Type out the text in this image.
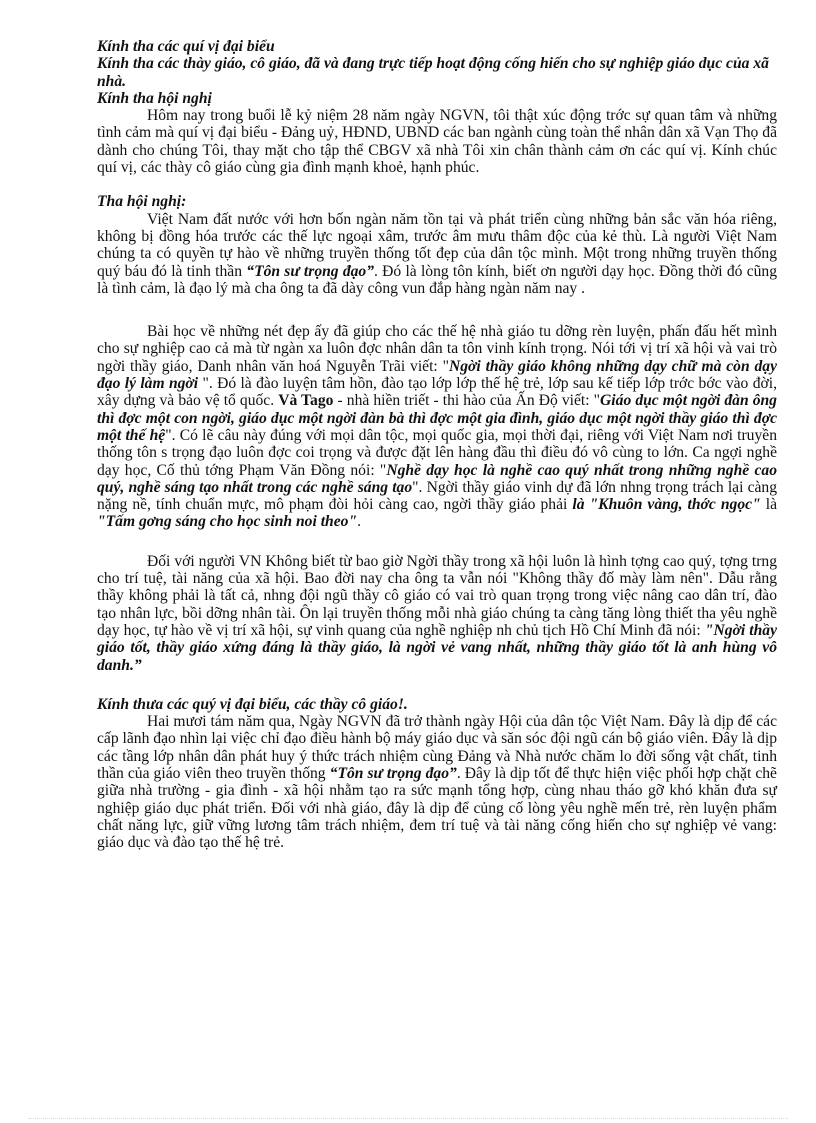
Kính tha các quí vị đại biểu

Kính tha các thày giáo, cô giáo, đã và đang trực tiếp hoạt động cống hiến cho sự nghiệp giáo dục của xã nhà.

Kính tha hội nghị

Hôm nay trong buổi lễ kỷ niệm 28 năm ngày NGVN, tôi thật xúc động trớc sự quan tâm và những tình cảm mà quí vị đại biểu - Đảng uỷ, HĐND, UBND các ban ngành cùng toàn thể nhân dân xã Vạn Thọ đã dành cho chúng Tôi, thay mặt cho tập thể CBGV xã nhà Tôi xin chân thành cảm ơn các quí vị. Kính chúc quí vị, các thày cô giáo cùng gia đình mạnh khoẻ, hạnh phúc.

Tha hội nghị:

Việt Nam đất nước với hơn bốn ngàn năm tồn tại và phát triển cùng những bản sắc văn hóa riêng, không bị đồng hóa trước các thế lực ngoại xâm, trước âm mưu thâm độc của kẻ thù. Là người Việt Nam chúng ta có quyền tự hào về những truyền thống tốt đẹp của dân tộc mình. Một trong những truyền thống quý báu đó là tinh thần “Tôn sư trọng đạo”. Đó là lòng tôn kính, biết ơn người dạy học. Đồng thời đó cũng là tình cảm, là đạo lý mà cha ông ta đã dày công vun đắp hàng ngàn năm nay .

Bài học về những nét đẹp ấy đã giúp cho các thế hệ nhà giáo tu dỡng rèn luyện, phấn đấu hết mình cho sự nghiệp cao cả mà từ ngàn xa luôn đợc nhân dân ta tôn vinh kính trọng. Nói tới vị trí xã hội và vai trò ngời thầy giáo, Danh nhân văn hoá Nguyễn Trãi viết: "Ngời thầy giáo không những dạy chữ mà còn dạy đạo lý làm ngời ". Đó là đào luyện tâm hồn, đào tạo lớp lớp thế hệ trẻ, lớp sau kế tiếp lớp trớc bớc vào đời, xây dựng và bảo vệ tổ quốc. Và Tago - nhà hiền triết - thi hào của Ấn Độ viết: "Giáo dục một ngời đàn ông thì đợc một con ngời, giáo dục một ngời đàn bà thì đợc một gia đình, giáo dục một ngời thầy giáo thì đợc một thế hệ". Có lẽ câu này đúng với mọi dân tộc, mọi quốc gia, mọi thời đại, riêng với Việt Nam nơi truyền thống tôn s trọng đạo luôn đợc coi trọng và được đặt lên hàng đầu thì điều đó vô cùng to lớn. Ca ngợi nghề dạy học, Cố thủ tớng Phạm Văn Đồng nói: "Nghề dạy học là nghề cao quý nhất trong những nghề cao quý, nghề sáng tạo nhất trong các nghề sáng tạo". Ngời thầy giáo vinh dự đã lớn nhng trọng trách lại càng nặng nề, tính chuẩn mực, mô phạm đòi hỏi càng cao, ngời thầy giáo phải là "Khuôn vàng, thớc ngọc" là "Tấm gơng sáng cho học sinh noi theo".

Đối với người VN Không biết từ bao giờ Ngời thầy trong xã hội luôn là hình tợng cao quý, tợng trng cho trí tuệ, tài năng của xã hội. Bao đời nay cha ông ta vẫn nói "Không thầy đố mày làm nên". Dẫu rằng thầy không phải là tất cả, nhng đội ngũ thầy cô giáo có vai trò quan trọng trong việc nâng cao dân trí, đào tạo nhân lực, bồi dỡng nhân tài. Ôn lại truyền thống mỗi nhà giáo chúng ta càng tăng lòng thiết tha yêu nghề dạy học, tự hào về vị trí xã hội, sự vinh quang của nghề nghiệp nh chủ tịch Hồ Chí Minh đã nói: "Ngời thầy giáo tốt, thầy giáo xứng đáng là thầy giáo, là ngời vẻ vang nhất, những thầy giáo tốt là anh hùng vô danh.”

Kính thưa các quý vị đại biểu, các thầy cô giáo!.

Hai mươi tám năm qua, Ngày NGVN đã trở thành ngày Hội của dân tộc Việt Nam. Đây là dịp để các cấp lãnh đạo nhìn lại việc chỉ đạo điều hành bộ máy giáo dục và săn sóc đội ngũ cán bộ giáo viên. Đây là dịp các tầng lớp nhân dân phát huy ý thức trách nhiệm cùng Đảng và Nhà nước chăm lo đời sống vật chất, tinh thần của giáo viên theo truyền thống “Tôn sư trọng đạo”. Đây là dịp tốt để thực hiện việc phối hợp chặt chẽ giữa nhà trường - gia đình - xã hội nhằm tạo ra sức mạnh tổng hợp, cùng nhau tháo gỡ khó khăn đưa sự nghiệp giáo dục phát triển. Đối với nhà giáo, đây là dịp để củng cố lòng yêu nghề mến trẻ, rèn luyện phẩm chất năng lực, giữ vững lương tâm trách nhiệm, đem trí tuệ và tài năng cống hiến cho sự nghiệp vẻ vang: giáo dục và đào tạo thế hệ trẻ.
